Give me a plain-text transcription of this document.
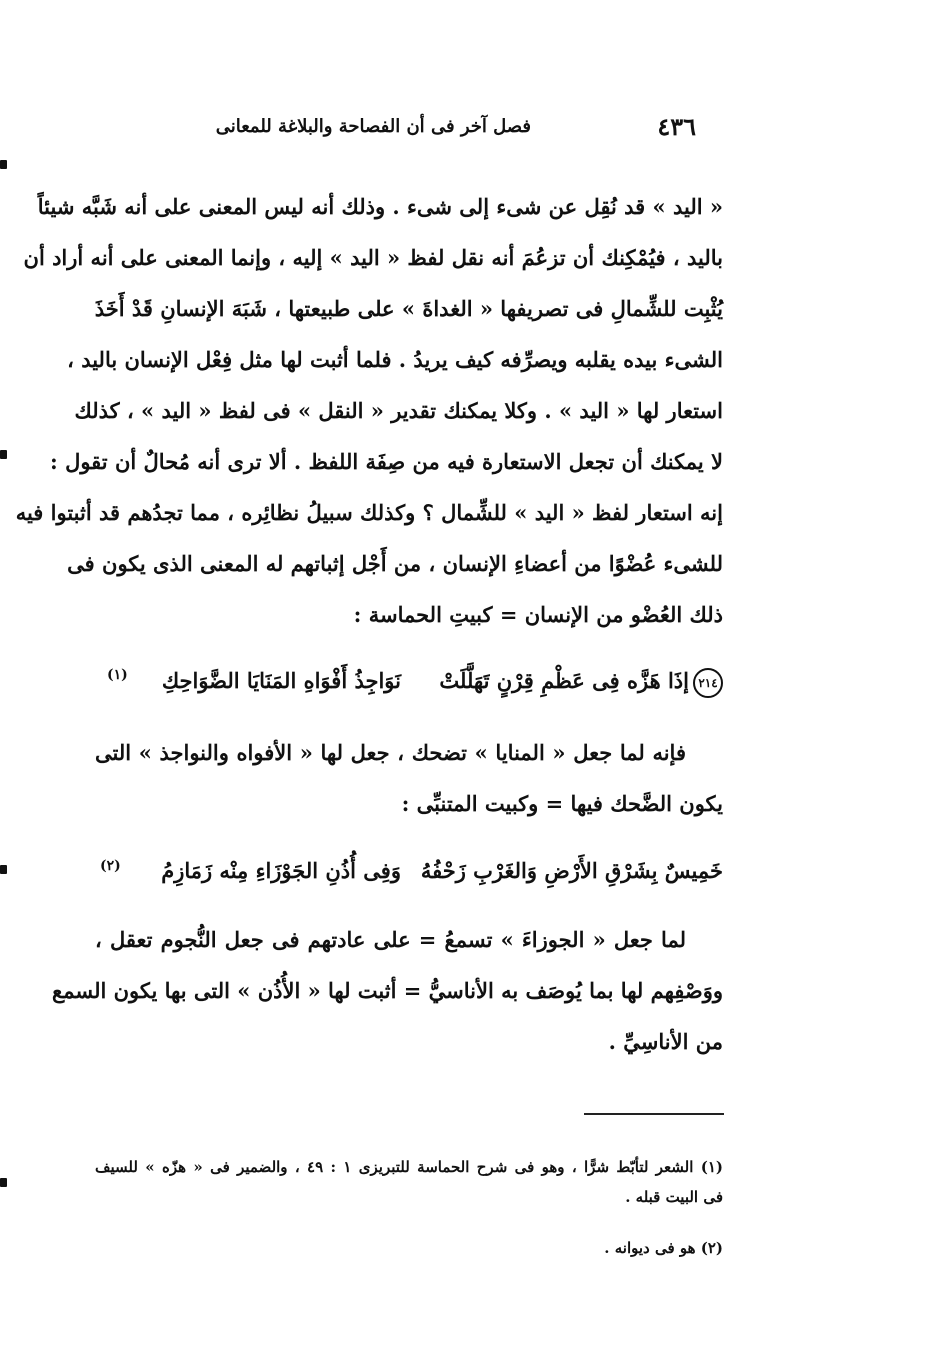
٤٣٦
فصل آخر فى أن الفصاحة والبلاغة للمعانى
« اليد » قد نُقِل عن شىء إلى شىء . وذلك أنه ليس المعنى على أنه شَبَّه شيئاً
باليد ، فيُمْكِنك أن تزعُمَ أنه نقل لفظ « اليد » إليه ، وإنما المعنى على أنه أراد أن
يُثْبِت للشِّمالِ فى تصريفها « الغداةَ » على طبيعتها ، شَبَهَ الإنسانِ قَدْ أَخَذَ
الشىء بيده يقلبه ويصرِّفه كيف يريدُ . فلما أثبت لها مثل فِعْل الإنسان باليد ،
استعار لها « اليد » . وكلا يمكنك تقدير « النقل » فى لفظ « اليد » ، كذلك
لا يمكنك أن تجعل الاستعارة فيه من صِفَة اللفظ . ألا ترى أنه مُحالٌ أن تقول :
إنه استعار لفظ « اليد » للشِّمال ؟ وكذلك سبيلُ نظائِره ، مما تجدُهم قد أثبتوا فيه
للشىء عُضْوًا من أعضاءِ الإنسان ، من أَجْل إثباتهم له المعنى الذى يكون فى
ذلك العُضْو من الإنسان = كبيتِ الحماسة :
٢١٤
إذَا هَزَّه فِى عَظْمِ قِرْنٍ تَهَلَّلَتْ
نَوَاجِذُ أَفْوَاهِ المَنَايَا الضَّوَاحِكِ
(١)
فإنه لما جعل « المنايا » تضحك ، جعل لها « الأفواه والنواجذ » التى
يكون الضَّحك فيها = وكبيت المتنبِّى :
خَمِيسٌ بِشَرْقِ الأَرْضِ وَالغَرْبِ زَحْفُهُ
وَفِى أُذُنِ الجَوْزَاءِ مِنْه زَمَازِمُ
(٢)
لما جعل « الجوزاءَ » تسمعُ = على عادتهم فى جعل النُّجوم تعقل ،
ووَصْفِهم لها بما يُوصَف به الأناسيُّ = أثبت لها « الأُذُن » التى بها يكون السمع
من الأناسِيِّ .
(١) الشعر لتأبّط شرًّا ، وهو فى شرح الحماسة للتبريزى ١ : ٤٩ ، والضمير فى « هزّه » للسيف
فى البيت قبله .
(٢) هو فى ديوانه .
